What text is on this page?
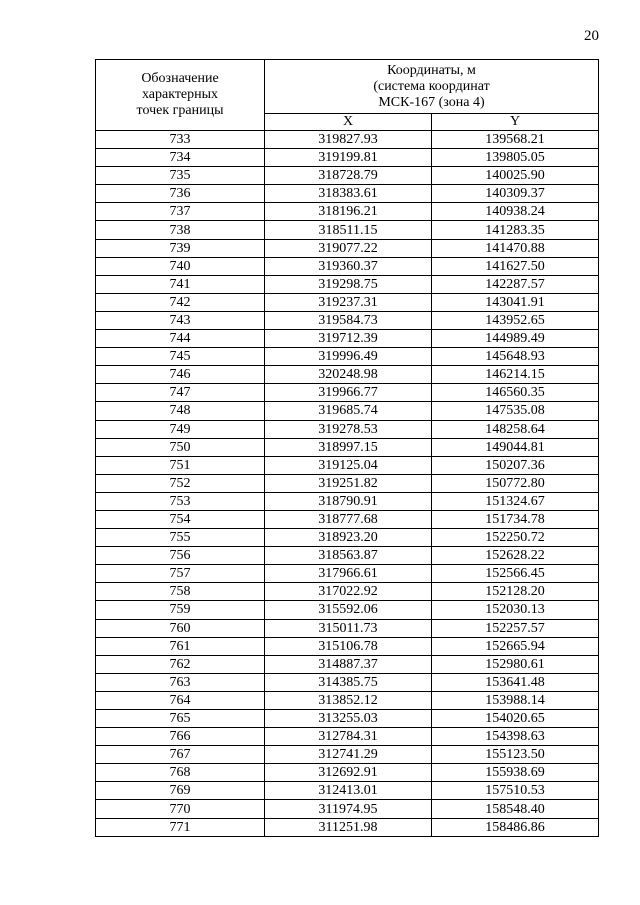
20
Обозначение
характерных
точек границы	Координаты, м
(система координат
МСК-167 (зона 4)	

	X	Y
733	319827.93	139568.21
734	319199.81	139805.05
735	318728.79	140025.90
736	318383.61	140309.37
737	318196.21	140938.24
738	318511.15	141283.35
739	319077.22	141470.88
740	319360.37	141627.50
741	319298.75	142287.57
742	319237.31	143041.91
743	319584.73	143952.65
744	319712.39	144989.49
745	319996.49	145648.93
746	320248.98	146214.15
747	319966.77	146560.35
748	319685.74	147535.08
749	319278.53	148258.64
750	318997.15	149044.81
751	319125.04	150207.36
752	319251.82	150772.80
753	318790.91	151324.67
754	318777.68	151734.78
755	318923.20	152250.72
756	318563.87	152628.22
757	317966.61	152566.45
758	317022.92	152128.20
759	315592.06	152030.13
760	315011.73	152257.57
761	315106.78	152665.94
762	314887.37	152980.61
763	314385.75	153641.48
764	313852.12	153988.14
765	313255.03	154020.65
766	312784.31	154398.63
767	312741.29	155123.50
768	312692.91	155938.69
769	312413.01	157510.53
770	311974.95	158548.40
771	311251.98	158486.86
